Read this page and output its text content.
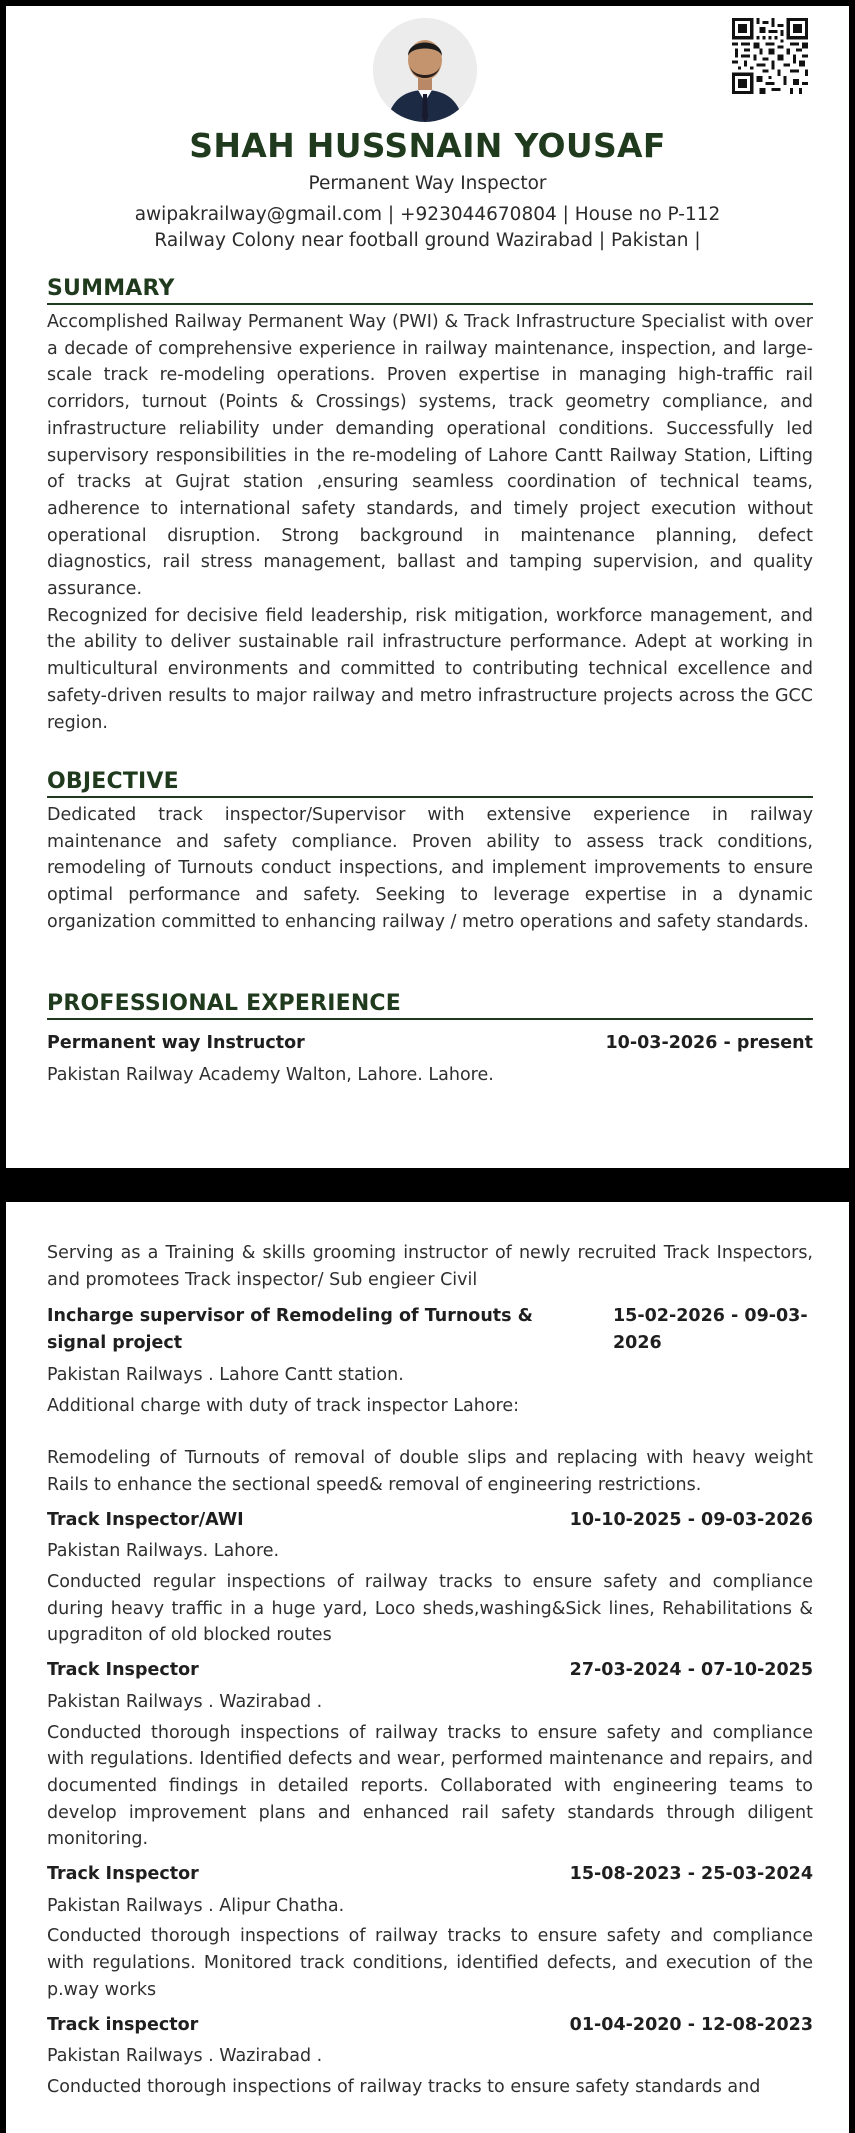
SHAH HUSSNAIN YOUSAF
Permanent Way Inspector
awipakrailway@gmail.com | +923044670804 | House no P-112
Railway Colony near football ground Wazirabad | Pakistan |
SUMMARY

Accomplished Railway Permanent Way (PWI) & Track Infrastructure Specialist with over a decade of comprehensive experience in railway maintenance, inspection, and large-scale track re-modeling operations. Proven expertise in managing high-traffic rail corridors, turnout (Points & Crossings) systems, track geometry compliance, and infrastructure reliability under demanding operational conditions. Successfully led supervisory responsibilities in the re-modeling of Lahore Cantt Railway Station, Lifting of tracks at Gujrat station ,ensuring seamless coordination of technical teams, adherence to international safety standards, and timely project execution without operational disruption. Strong background in maintenance planning, defect diagnostics, rail stress management, ballast and tamping supervision, and quality assurance.

Recognized for decisive field leadership, risk mitigation, workforce management, and the ability to deliver sustainable rail infrastructure performance. Adept at working in multicultural environments and committed to contributing technical excellence and safety-driven results to major railway and metro infrastructure projects across the GCC region.

OBJECTIVE

Dedicated track inspector/Supervisor with extensive experience in railway maintenance and safety compliance. Proven ability to assess track conditions, remodeling of Turnouts conduct inspections, and implement improvements to ensure optimal performance and safety. Seeking to leverage expertise in a dynamic organization committed to enhancing railway / metro operations and safety standards.

PROFESSIONAL EXPERIENCE
Permanent way Instructor	10-03-2026 - present
Pakistan Railway Academy Walton, Lahore. Lahore.
Serving as a Training & skills grooming instructor of newly recruited Track Inspectors, and promotees Track inspector/ Sub engieer Civil
Incharge supervisor of Remodeling of Turnouts & signal project
15-02-2026 - 09-03-2026
Pakistan Railways . Lahore Cantt station.
Additional charge with duty of track inspector Lahore:
Remodeling of Turnouts of removal of double slips and replacing with heavy weight Rails to enhance the sectional speed& removal of engineering restrictions.
Track Inspector/AWI	10-10-2025 - 09-03-2026
Pakistan Railways. Lahore.
Conducted regular inspections of railway tracks to ensure safety and compliance during heavy traffic in a huge yard, Loco sheds,washing&Sick lines, Rehabilitations & upgraditon of old blocked routes
Track Inspector	27-03-2024 - 07-10-2025
Pakistan Railways . Wazirabad .
Conducted thorough inspections of railway tracks to ensure safety and compliance with regulations. Identified defects and wear, performed maintenance and repairs, and documented findings in detailed reports. Collaborated with engineering teams to develop improvement plans and enhanced rail safety standards through diligent monitoring.
Track Inspector	15-08-2023 - 25-03-2024
Pakistan Railways . Alipur Chatha.
Conducted thorough inspections of railway tracks to ensure safety and compliance with regulations. Monitored track conditions, identified defects, and execution of the p.way works
Track inspector	01-04-2020 - 12-08-2023
Pakistan Railways . Wazirabad .
Conducted thorough inspections of railway tracks to ensure safety standards and
